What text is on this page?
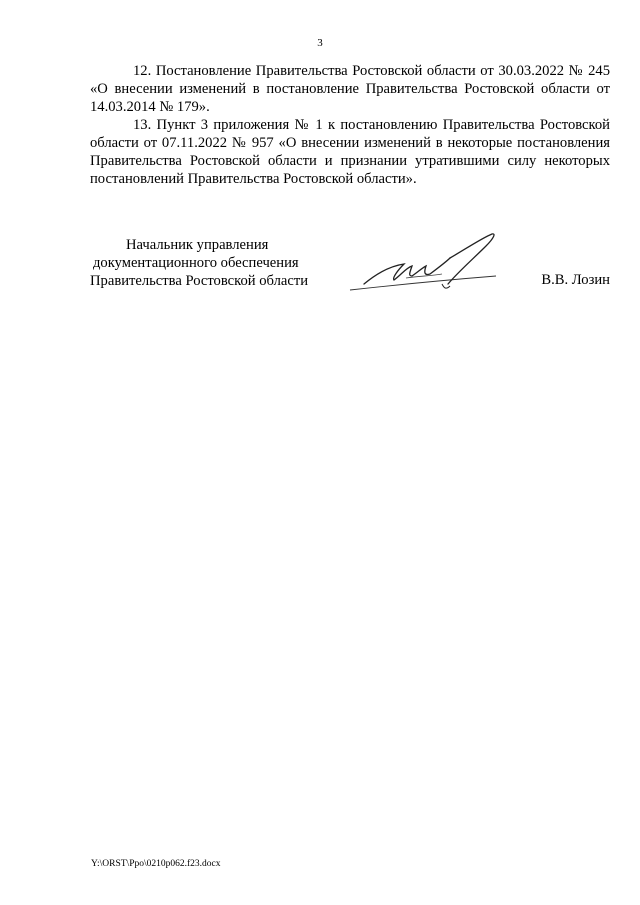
3

12. Постановление Правительства Ростовской области от 30.03.2022 № 245 «О внесении изменений в постановление Правительства Ростовской области от 14.03.2014 № 179».

13. Пункт 3 приложения № 1 к постановлению Правительства Ростовской области от 07.11.2022 № 957 «О внесении изменений в некоторые постановления Правительства Ростовской области и признании утратившими силу некоторых постановлений Правительства Ростовской области».

Начальник управления
документационного обеспечения
Правительства Ростовской области	В.В. Лозин
Y:\ORST\Ppo\0210p062.f23.docx
